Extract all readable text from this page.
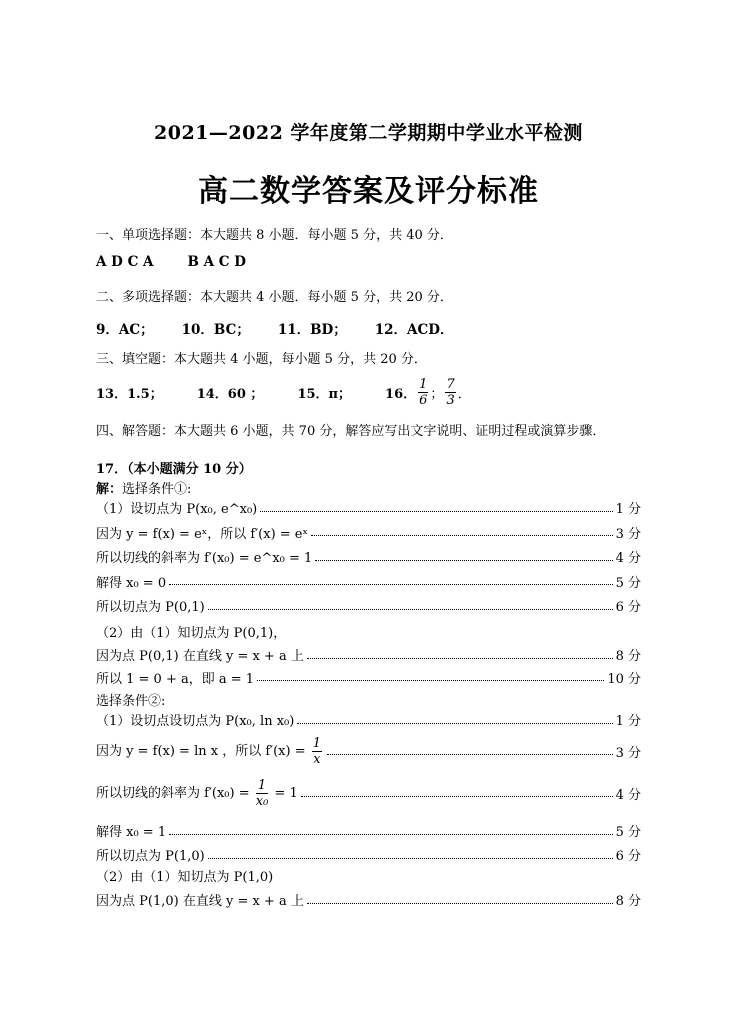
2021—2022 学年度第二学期期中学业水平检测
高二数学答案及评分标准
一、单项选择题：本大题共 8 小题．每小题 5 分，共 40 分．
A D C A	B A C D
二、多项选择题：本大题共 4 小题．每小题 5 分，共 20 分．
9．AC； 10．BC； 11．BD； 12．ACD．
三、填空题：本大题共 4 小题，每小题 5 分，共 20 分．
13．1.5；	14．60 ；	15．π；	16． $\frac{1}{6}$ ； $\frac{7}{3}$ ．
四、解答题：本大题共 6 小题，共 70 分，解答应写出文字说明、证明过程或演算步骤．
17．（本小题满分 10 分）
解：选择条件①:
（1）设切点为 P(x₀, e^x₀)	1 分
因为 y = f(x) = eˣ，所以 f′(x) = eˣ	3 分
所以切线的斜率为 f′(x₀) = e^x₀ = 1	4 分
解得 x₀ = 0	5 分
所以切点为 P(0,1)	6 分
（2）由（1）知切点为 P(0,1)，
因为点 P(0,1) 在直线 y = x + a 上	8 分
所以 1 = 0 + a，即 a = 1	10 分
选择条件②:
（1）设切点设切点为 P(x₀, ln x₀)	1 分
因为 y = f(x) = ln x ，所以 $f'(x) = \frac{1}{x}$	3 分
所以切线的斜率为 $f'(x_0) = \frac{1}{\text{x₀}} = 1$	4 分
解得 x₀ = 1	5 分
所以切点为 P(1,0)	6 分
（2）由（1）知切点为 P(1,0)
因为点 P(1,0) 在直线 y = x + a 上	8 分
